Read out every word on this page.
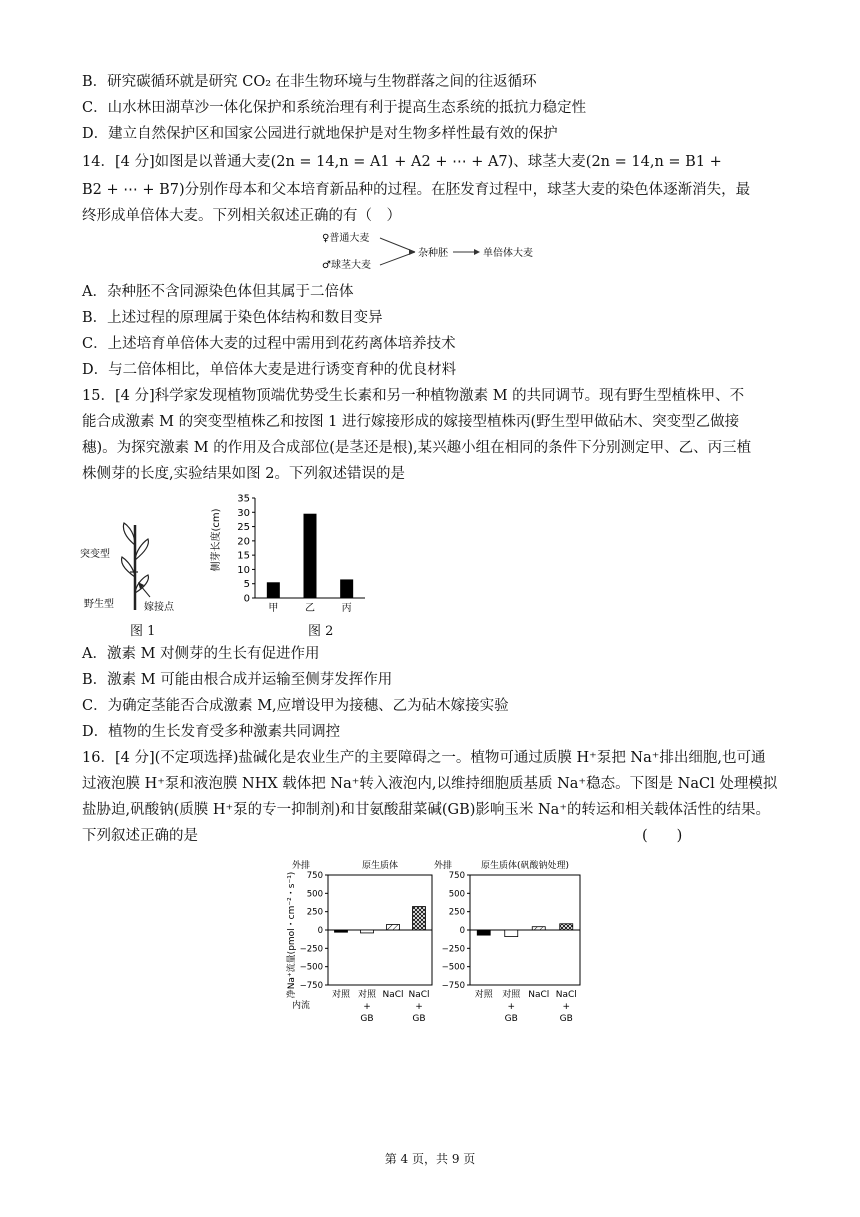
B．研究碳循环就是研究 CO₂ 在非生物环境与生物群落之间的往返循环
C．山水林田湖草沙一体化保护和系统治理有利于提高生态系统的抵抗力稳定性
D．建立自然保护区和国家公园进行就地保护是对生物多样性最有效的保护
14．[4 分]如图是以普通大麦(2n = 14,n = A1 + A2 + ⋯ + A7)、球茎大麦(2n = 14,n = B1 +
B2 + ⋯ + B7)分别作母本和父本培育新品种的过程。在胚发育过程中，球茎大麦的染色体逐渐消失，最
终形成单倍体大麦。下列相关叙述正确的有（　）
♀普通大麦
♂球茎大麦
杂种胚	单倍体大麦
A．杂种胚不含同源染色体但其属于二倍体
B．上述过程的原理属于染色体结构和数目变异
C．上述培育单倍体大麦的过程中需用到花药离体培养技术
D．与二倍体相比，单倍体大麦是进行诱变育种的优良材料
15．[4 分]科学家发现植物顶端优势受生长素和另一种植物激素 M 的共同调节。现有野生型植株甲、不
能合成激素 M 的突变型植株乙和按图 1 进行嫁接形成的嫁接型植株丙(野生型甲做砧木、突变型乙做接
穗)。为探究激素 M 的作用及合成部位(是茎还是根),某兴趣小组在相同的条件下分别测定甲、乙、丙三植
株侧芽的长度,实验结果如图 2。下列叙述错误的是
突变型
野生型	嫁接点
图 1
侧芽长度(cm)
0
5
10
15
20
25
30
35
甲	乙	丙
图 2
A．激素 M 对侧芽的生长有促进作用
B．激素 M 可能由根合成并运输至侧芽发挥作用
C．为确定茎能否合成激素 M,应增设甲为接穗、乙为砧木嫁接实验
D．植物的生长发育受多种激素共同调控
16．[4 分](不定项选择)盐碱化是农业生产的主要障碍之一。植物可通过质膜 H⁺泵把 Na⁺排出细胞,也可通
过液泡膜 H⁺泵和液泡膜 NHX 载体把 Na⁺转入液泡内,以维持细胞质基质 Na⁺稳态。下图是 NaCl 处理模拟
盐胁迫,矾酸钠(质膜 H⁺泵的专一抑制剂)和甘氨酸甜菜碱(GB)影响玉米 Na⁺的转运和相关载体活性的结果。
下列叙述正确的是	(　　)
净Na⁺流量(pmol・cm⁻²・s⁻¹)
原生质体
外排
内流
750
500
250
0
−250
−500
−750
对照 对照
+
GB
NaCl NaCl
+
GB
原生质体(矾酸钠处理)
外排
750
500
250
0
−250
−500
−750
对照 对照
+
GB
NaCl NaCl
+
GB
第 4 页，共 9 页
